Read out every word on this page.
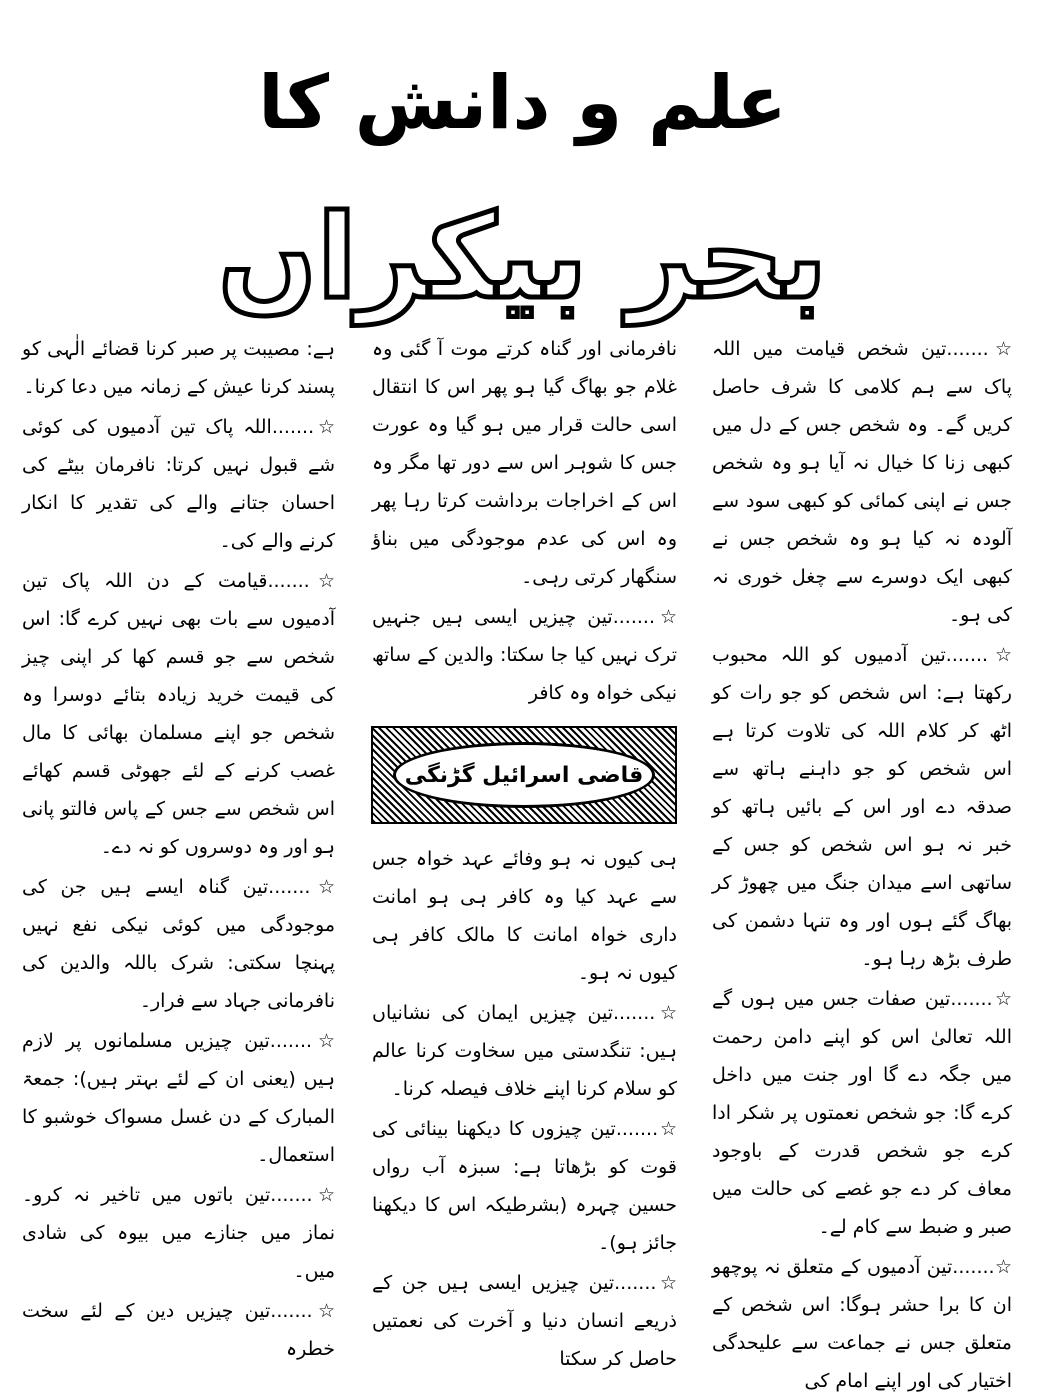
علم و دانش کا
بحر بیکراں

☆.......تین شخص قیامت میں اللہ پاک سے ہم کلامی کا شرف حاصل کریں گے۔ وہ شخص جس کے دل میں کبھی زنا کا خیال نہ آیا ہو وہ شخص جس نے اپنی کمائی کو کبھی سود سے آلودہ نہ کیا ہو وہ شخص جس نے کبھی ایک دوسرے سے چغل خوری نہ کی ہو۔

☆.......تین آدمیوں کو اللہ محبوب رکھتا ہے: اس شخص کو جو رات کو اٹھ کر کلام اللہ کی تلاوت کرتا ہے اس شخص کو جو داہنے ہاتھ سے صدقہ دے اور اس کے بائیں ہاتھ کو خبر نہ ہو اس شخص کو جس کے ساتھی اسے میدان جنگ میں چھوڑ کر بھاگ گئے ہوں اور وہ تنہا دشمن کی طرف بڑھ رہا ہو۔

☆.......تین صفات جس میں ہوں گے اللہ تعالیٰ اس کو اپنے دامن رحمت میں جگہ دے گا اور جنت میں داخل کرے گا: جو شخص نعمتوں پر شکر ادا کرے جو شخص قدرت کے باوجود معاف کر دے جو غصے کی حالت میں صبر و ضبط سے کام لے۔

☆.......تین آدمیوں کے متعلق نہ پوچھو ان کا برا حشر ہوگا: اس شخص کے متعلق جس نے جماعت سے علیحدگی اختیار کی اور اپنے امام کی

نافرمانی اور گناہ کرتے موت آ گئی وہ غلام جو بھاگ گیا ہو پھر اس کا انتقال اسی حالت قرار میں ہو گیا وہ عورت جس کا شوہر اس سے دور تھا مگر وہ اس کے اخراجات برداشت کرتا رہا پھر وہ اس کی عدم موجودگی میں بناؤ سنگھار کرتی رہی۔

☆.......تین چیزیں ایسی ہیں جنہیں ترک نہیں کیا جا سکتا: والدین کے ساتھ نیکی خواہ وہ کافر

قاضی اسرائیل گڑنگی

ہی کیوں نہ ہو وفائے عہد خواہ جس سے عہد کیا وہ کافر ہی ہو امانت داری خواہ امانت کا مالک کافر ہی کیوں نہ ہو۔

☆.......تین چیزیں ایمان کی نشانیاں ہیں: تنگدستی میں سخاوت کرنا عالم کو سلام کرنا اپنے خلاف فیصلہ کرنا۔

☆.......تین چیزوں کا دیکھنا بینائی کی قوت کو بڑھاتا ہے: سبزہ آب رواں حسین چہرہ (بشرطیکہ اس کا دیکھنا جائز ہو)۔

☆.......تین چیزیں ایسی ہیں جن کے ذریعے انسان دنیا و آخرت کی نعمتیں حاصل کر سکتا

ہے: مصیبت پر صبر کرنا قضائے الٰہی کو پسند کرنا عیش کے زمانہ میں دعا کرنا۔

☆.......اللہ پاک تین آدمیوں کی کوئی شے قبول نہیں کرتا: نافرمان بیٹے کی احسان جتانے والے کی تقدیر کا انکار کرنے والے کی۔

☆.......قیامت کے دن اللہ پاک تین آدمیوں سے بات بھی نہیں کرے گا: اس شخص سے جو قسم کھا کر اپنی چیز کی قیمت خرید زیادہ بتائے دوسرا وہ شخص جو اپنے مسلمان بھائی کا مال غصب کرنے کے لئے جھوٹی قسم کھائے اس شخص سے جس کے پاس فالتو پانی ہو اور وہ دوسروں کو نہ دے۔

☆.......تین گناہ ایسے ہیں جن کی موجودگی میں کوئی نیکی نفع نہیں پہنچا سکتی: شرک باللہ والدین کی نافرمانی جہاد سے فرار۔

☆.......تین چیزیں مسلمانوں پر لازم ہیں (یعنی ان کے لئے بہتر ہیں): جمعۃ المبارک کے دن غسل مسواک خوشبو کا استعمال۔

☆.......تین باتوں میں تاخیر نہ کرو۔ نماز میں جنازے میں بیوہ کی شادی میں۔

☆.......تین چیزیں دین کے لئے سخت خطرہ
